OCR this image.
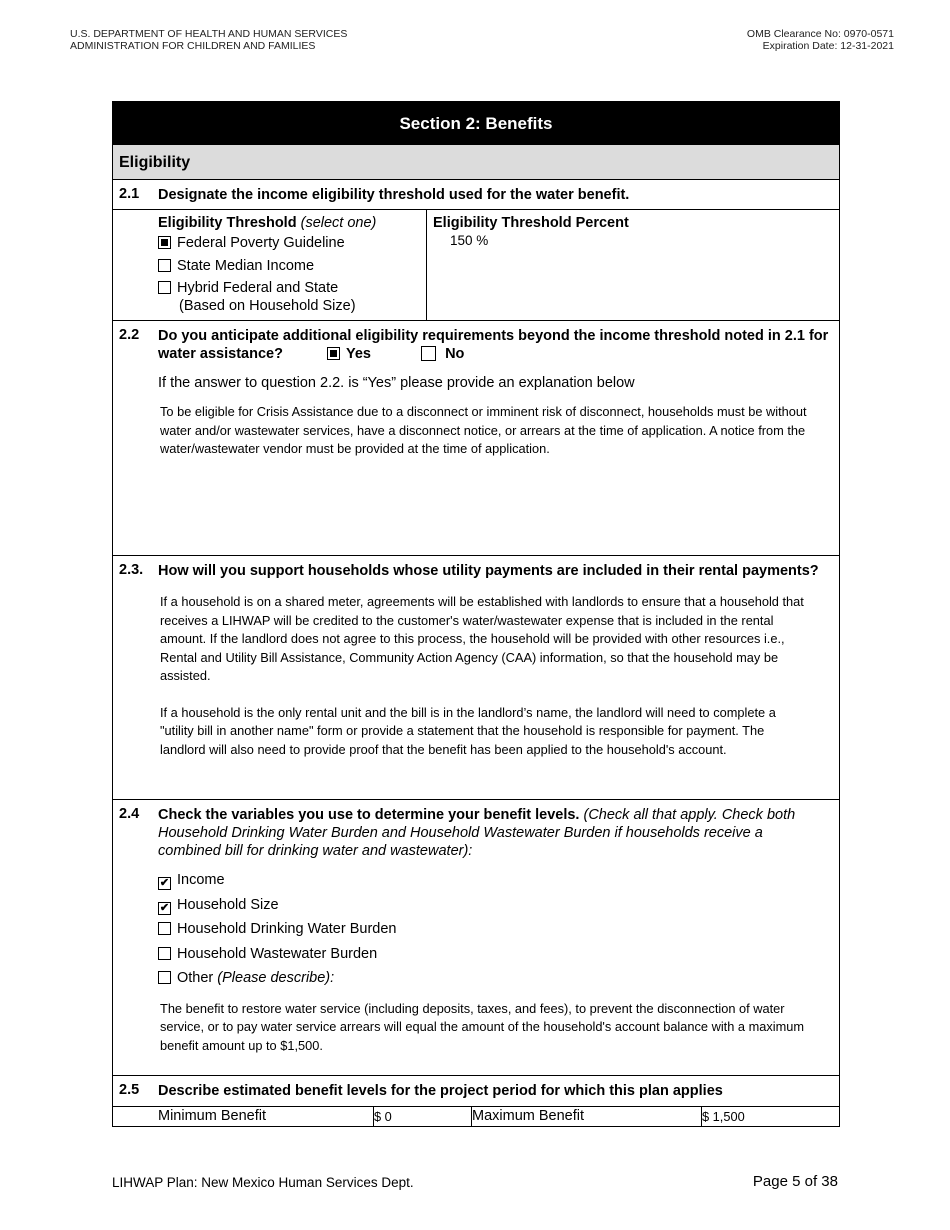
U.S. DEPARTMENT OF HEALTH AND HUMAN SERVICES
ADMINISTRATION FOR CHILDREN AND FAMILIES
OMB Clearance No: 0970-0571
Expiration Date: 12-31-2021
Section 2: Benefits
Eligibility
2.1 Designate the income eligibility threshold used for the water benefit.
Eligibility Threshold (select one)
Federal Poverty Guideline
State Median Income
Hybrid Federal and State
(Based on Household Size)
Eligibility Threshold Percent
150 %
2.2 Do you anticipate additional eligibility requirements beyond the income threshold noted in 2.1 for water assistance?	Yes	No
If the answer to question 2.2. is “Yes” please provide an explanation below
To be eligible for Crisis Assistance due to a disconnect or imminent risk of disconnect, households must be without water and/or wastewater services, have a disconnect notice, or arrears at the time of application. A notice from the water/wastewater vendor must be provided at the time of application.
2.3. How will you support households whose utility payments are included in their rental payments?
If a household is on a shared meter, agreements will be established with landlords to ensure that a household that receives a LIHWAP will be credited to the customer's water/wastewater expense that is included in the rental amount. If the landlord does not agree to this process, the household will be provided with other resources i.e., Rental and Utility Bill Assistance, Community Action Agency (CAA) information, so that the household may be assisted.
If a household is the only rental unit and the bill is in the landlord’s name, the landlord will need to complete a "utility bill in another name" form or provide a statement that the household is responsible for payment. The landlord will also need to provide proof that the benefit has been applied to the household's account.
2.4 Check the variables you use to determine your benefit levels. (Check all that apply. Check both Household Drinking Water Burden and Household Wastewater Burden if households receive a combined bill for drinking water and wastewater):
✔ Income
✔ Household Size
Household Drinking Water Burden
Household Wastewater Burden
Other (Please describe):
The benefit to restore water service (including deposits, taxes, and fees), to prevent the disconnection of water service, or to pay water service arrears will equal the amount of the household's account balance with a maximum benefit amount up to $1,500.
2.5 Describe estimated benefit levels for the project period for which this plan applies
Minimum Benefit	$ 0	Maximum Benefit	$ 1,500
LIHWAP Plan: New Mexico Human Services Dept.	Page 5 of 38
